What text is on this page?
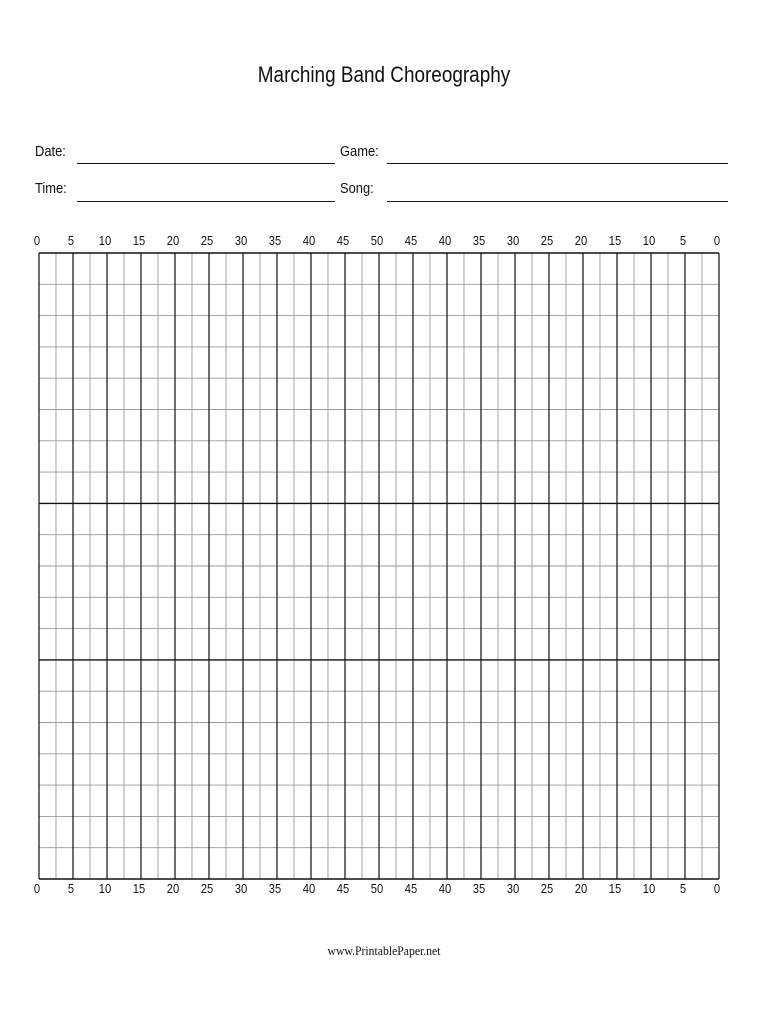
Marching Band Choreography
Date:	Game:
Time:	Song:
0 5 10 15 20 25 30 35 40 45 50 45 40 35 30 25 20 15 10 5 0
0 5 10 15 20 25 30 35 40 45 50 45 40 35 30 25 20 15 10 5 0
www.PrintablePaper.net
